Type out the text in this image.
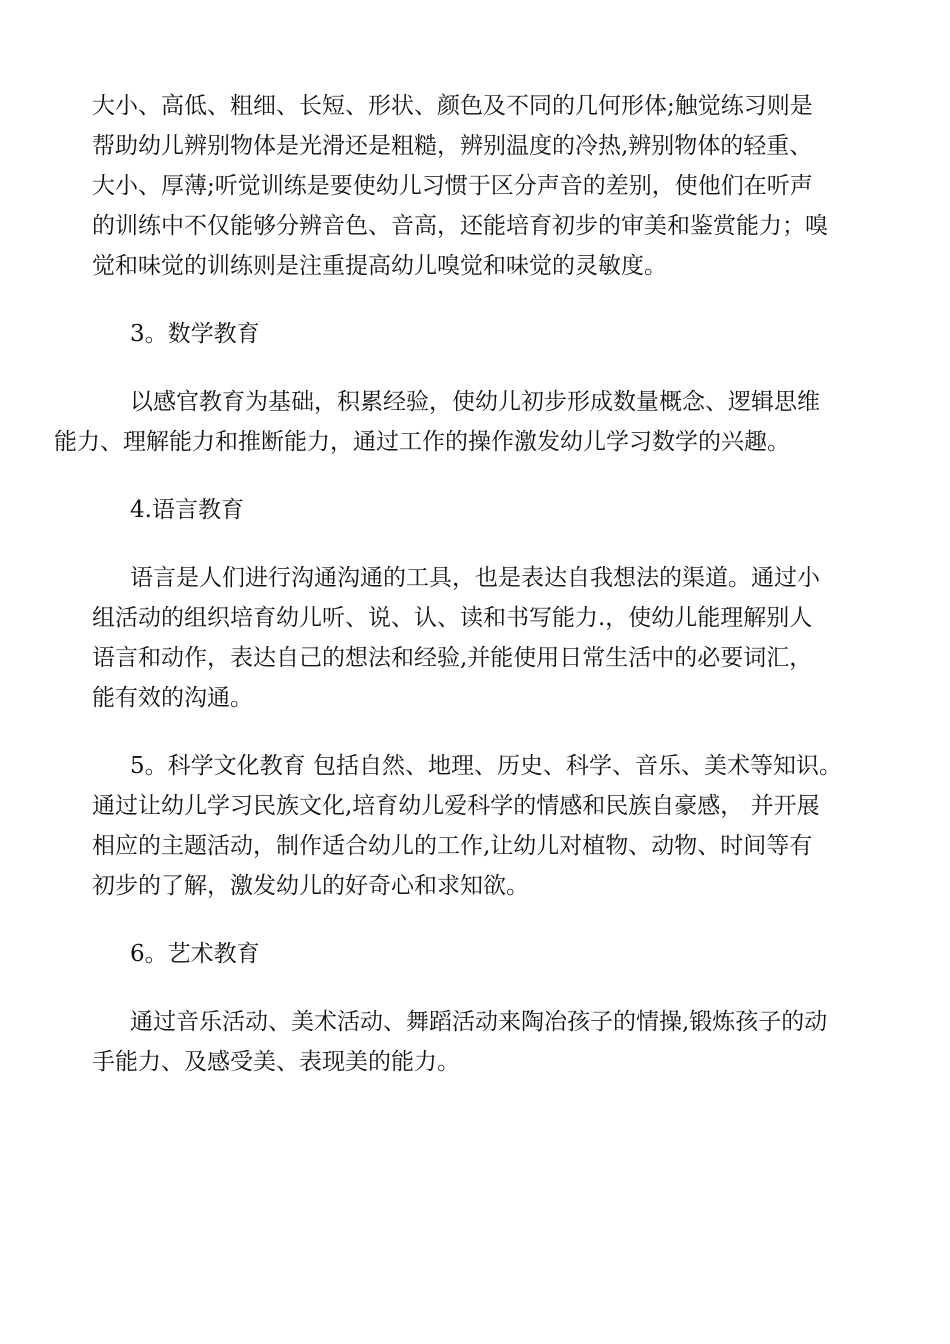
大小、高低、粗细、长短、形状、颜色及不同的几何形体;触觉练习则是
帮助幼儿辨别物体是光滑还是粗糙，辨别温度的冷热,辨别物体的轻重、
大小、厚薄;听觉训练是要使幼儿习惯于区分声音的差别，使他们在听声
的训练中不仅能够分辨音色、音高，还能培育初步的审美和鉴赏能力；嗅
觉和味觉的训练则是注重提高幼儿嗅觉和味觉的灵敏度。
3。数学教育
以感官教育为基础，积累经验，使幼儿初步形成数量概念、逻辑思维
能力、理解能力和推断能力，通过工作的操作激发幼儿学习数学的兴趣。
4.语言教育
语言是人们进行沟通沟通的工具，也是表达自我想法的渠道。通过小
组活动的组织培育幼儿听、说、认、读和书写能力.，使幼儿能理解别人
语言和动作，表达自己的想法和经验,并能使用日常生活中的必要词汇，
能有效的沟通。
5。科学文化教育 包括自然、地理、历史、科学、音乐、美术等知识。
通过让幼儿学习民族文化,培育幼儿爱科学的情感和民族自豪感， 并开展
相应的主题活动，制作适合幼儿的工作,让幼儿对植物、动物、时间等有
初步的了解，激发幼儿的好奇心和求知欲。
6。艺术教育
通过音乐活动、美术活动、舞蹈活动来陶冶孩子的情操,锻炼孩子的动
手能力、及感受美、表现美的能力。
